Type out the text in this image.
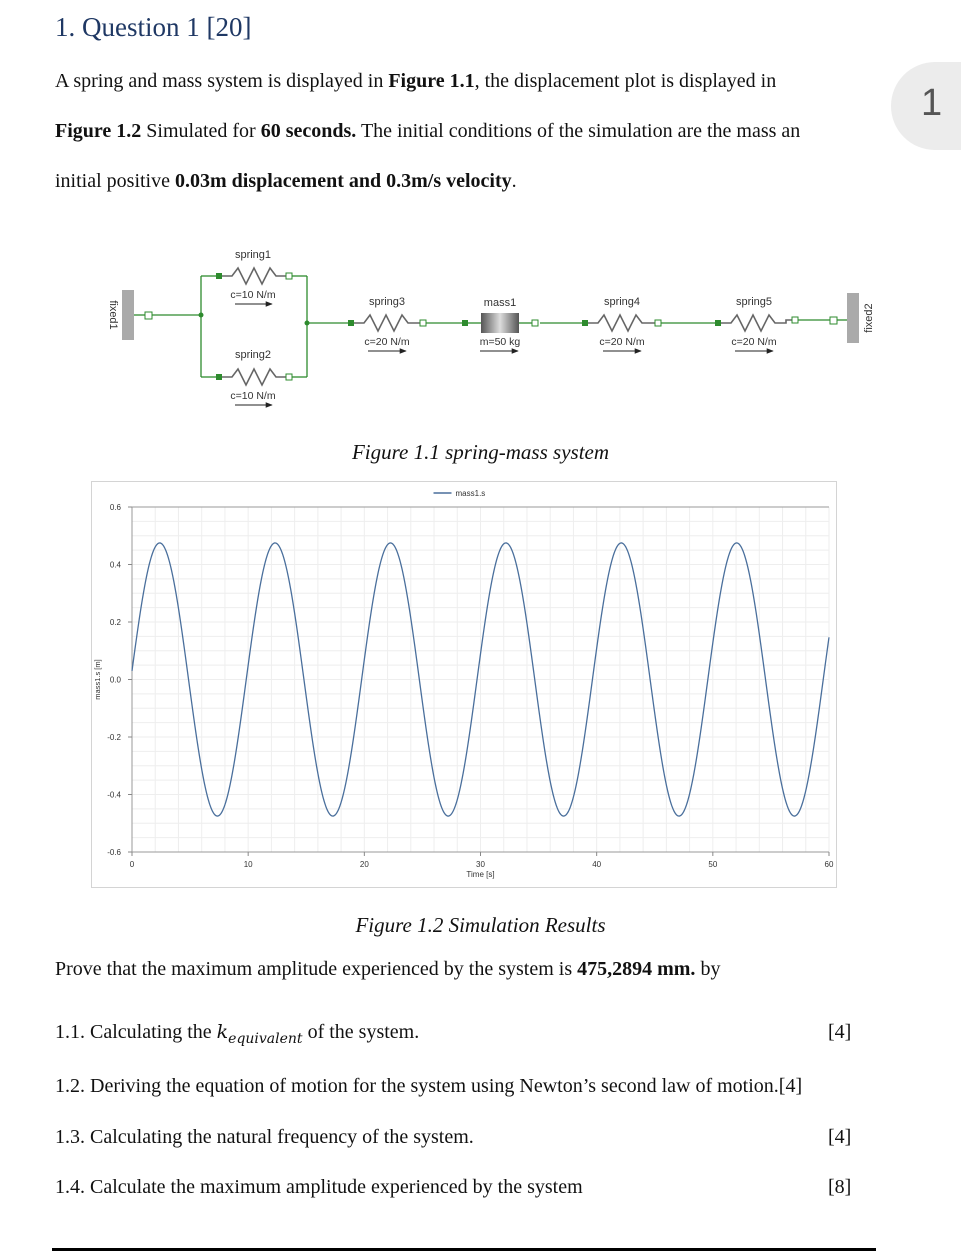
1. Question 1 [20]
1
A spring and mass system is displayed in Figure 1.1, the displacement plot is displayed in
Figure 1.2 Simulated for 60 seconds. The initial conditions of the simulation are the mass an
initial positive 0.03m displacement and 0.3m/s velocity.
fixed1
spring1
c=10 N/m
spring2
c=10 N/m
spring3
c=20 N/m
mass1
m=50 kg
spring4
c=20 N/m
spring5
c=20 N/m
fixed2
Figure 1.1 spring-mass system
0.6
0.4
0.2
0.0
-0.2
-0.4
-0.6
0	10	20	30	40	50	60
Time [s]
mass1.s [m]
mass1.s
Figure 1.2 Simulation Results
Prove that the maximum amplitude experienced by the system is 475,2894 mm. by
1.1. Calculating the $k_{equivalent}$ of the system.	[4]
1.2. Deriving the equation of motion for the system using Newton’s second law of motion.[4]
1.3. Calculating the natural frequency of the system.	[4]
1.4. Calculate the maximum amplitude experienced by the system	[8]
